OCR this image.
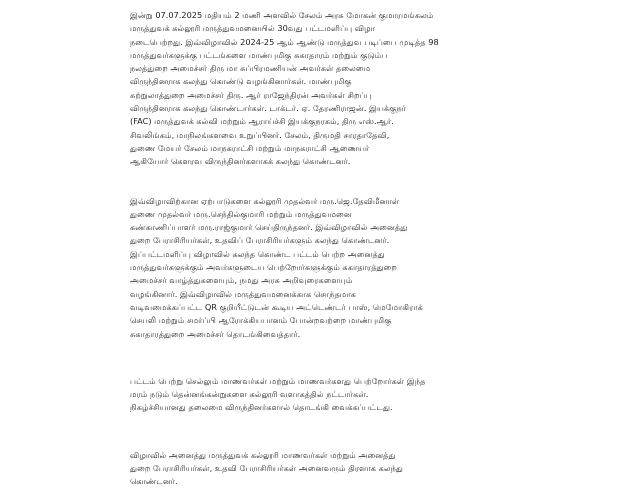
இன்று 07.07.2025 மதியம் 2 மணி அளவில் சேலம் அரசு மோகன் குமாரமங்கலம்
மருத்துவக் கல்லூரி மருத்துவமனையில் 30வது பட்டமளிப்பு விழா
நடைபெற்றது. இவ்விழாவில் 2024-25 ஆம் ஆண்டு மருத்துவ படிப்பை முடித்த 98
மருத்துவர்களுக்கு பட்டங்களை மாண்புமிகு சுகாதாரம் மற்றும் குடும்ப
நலத்துறை அமைச்சர் திரு மா சுப்பிரமணியன் அவர்கள் தலைமை
விருந்தினராக கலந்து கொண்டு வழங்கினார்கள். மாண்புமிகு
சுற்றுலாத்துறை அமைச்சர் திரு. ஆர் ராஜேந்திரன் அவர்கள் சிறப்பு
விருந்தினராக கலந்து கொண்டார்கள். டாக்டர். ஏ. தேரணிராஜன். இயக்குநர்
(FAC) மருத்துவக் கல்வி மற்றும் ஆராய்ச்சி இயக்குநரகம், திரு எஸ்.ஆர்.
சிவலிங்கம், மாநிலங்களவை உறுப்பினர். சேலம், திருமதி சாரதாதேவி,
துணை மேயர் சேலம் மாநகராட்சி மற்றும் மாநகராட்சி ஆணையர்
ஆகியோர் கௌரவ விருந்தினர்களாகக் கலந்து கொண்டனர்.

இவ்விழாவிற்கான ஏற்பாடுகளை கல்லூரி முதல்வர் மரு.ஜெ.தேவிமீனாள்
துணை முதல்வர் மரு.செந்தில்குமாரி மற்றும் மருத்துவமனை
கண்காணிப்பாளர் மரு.ராஜ்குமார் செய்திருந்தனர். இவ்விழாவில் அனைத்து
துறை பேராசிரியர்கள், உதவிப் பேராசிரியர்களும் கலந்து கொண்டனர்.
இப்பட்டமளிப்பு விழாவில் கலந்த கொண்ட பட்டம் பெற்ற அனைத்து
மருத்துவர்களுக்கும் அவர்களுடைய பெற்றோர்களுக்கும் சுகாதாரத்துறை
அமைச்சர் வாழ்த்துகளையும், நமது அரசு அறிவுரைகளையும்
வழங்கினார். இவ்விழாவில் மருத்துவமனைக்காக சொந்தமாக
வடிவமைக்கப்பட்ட QR குறியீட்டுடன் கூடிய அட்டெண்டர் பாஸ், மெமோகிராக்
செயலி மற்றும் சமர்ப்பி ஆரோக்கியபானம் போன்றவற்றை மாண்புமிகு
சுகாதாரத்துறை அமைச்சர் தொடங்கிவைத்தார்.

பட்டம் பெற்று செல்லும் மாணவர்கள் மற்றும் மாணவர்களது பெற்றோர்கள் இந்த
மரம் நடும் தென்னங்கன்றுகளை கல்லூரி வளாகத்தில் நட்டார்கள்.
நிகழ்ச்சியானது தலைமை விருந்தினர்களால் தொடங்கி வைக்கப்பட்டது.

விழாவில் அனைத்து மருத்துவக் கல்லூரி மாணவர்கள் மற்றும் அனைத்து
துறை பேராசிரியர்கள், உதவி பேராசிரியர்கள் அனைவரும் திரளாக கலந்து
கொண்டனர்.
